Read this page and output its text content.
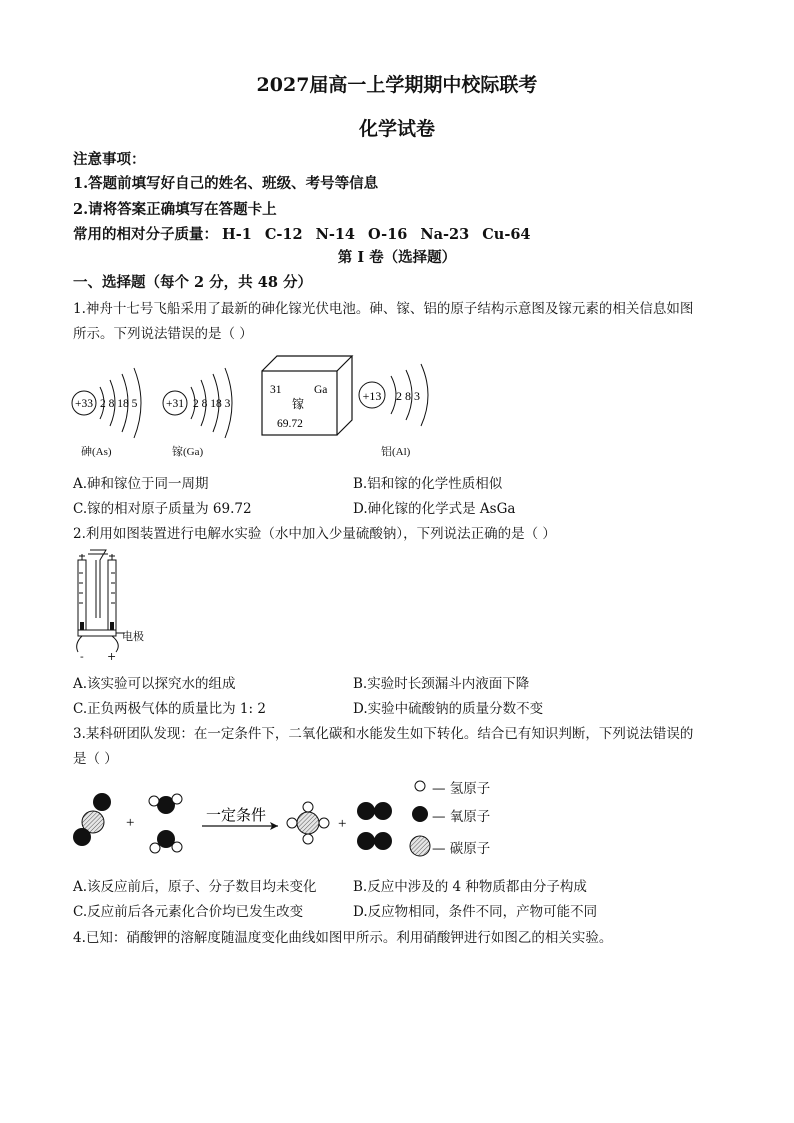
2027届高一上学期期中校际联考
化学试卷
注意事项：
1.答题前填写好自己的姓名、班级、考号等信息
2.请将答案正确填写在答题卡上
常用的相对分子质量： H-1 C-12 N-14 O-16 Na-23 Cu-64
第 Ⅰ 卷（选择题）
一、选择题（每个 2 分，共 48 分）
1.神舟十七号飞船采用了最新的砷化镓光伏电池。砷、镓、铝的原子结构示意图及镓元素的相关信息如图
所示。下列说法错误的是（ ）
+33 2 8 18 5 +31 2 8 18 3
31	Ga
镓
69.72
+13 2 8 3
砷(As)	镓(Ga)	铝(Al)
A.砷和镓位于同一周期	B.铝和镓的化学性质相似
C.镓的相对原子质量为 69.72	D.砷化镓的化学式是 AsGa
2.利用如图装置进行电解水实验（水中加入少量硫酸钠），下列说法正确的是（ ）
电极
- +
A.该实验可以探究水的组成	B.实验时长颈漏斗内液面下降
C.正负两极气体的质量比为 1: 2	D.实验中硫酸钠的质量分数不变
3.某科研团队发现：在一定条件下，二氧化碳和水能发生如下转化。结合已有知识判断，下列说法错误的
是（ ）
+	一定条件	+
— 氢原子
— 氧原子
— 碳原子
A.该反应前后，原子、分子数目均未变化	B.反应中涉及的 4 种物质都由分子构成
C.反应前后各元素化合价均已发生改变	D.反应物相同，条件不同，产物可能不同
4.已知：硝酸钾的溶解度随温度变化曲线如图甲所示。利用硝酸钾进行如图乙的相关实验。
